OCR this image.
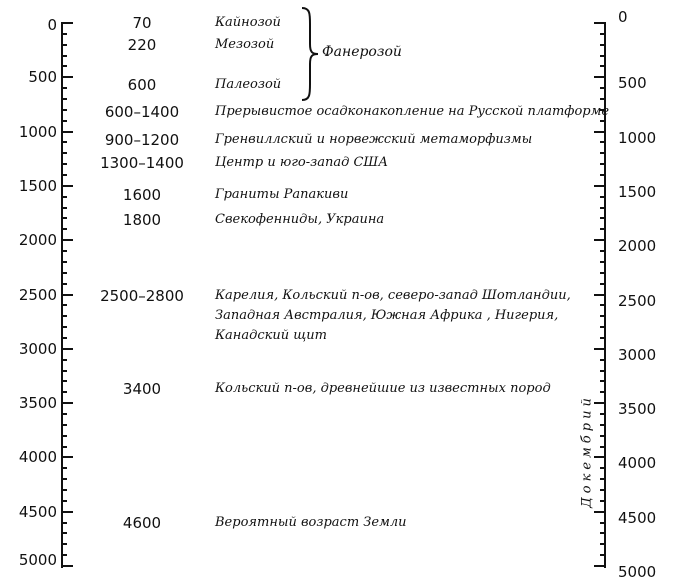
0
500
1000
1500
2000
2500
3000
3500
4000
4500
5000
0
500
1000
1500
2000
2500
3000
3500
4000
4500
5000
70	Кайнозой
220	Мезозой
600	Палеозой
600–1400	Прерывистое осадконакопление на Русской платформе
900–1200	Гренвиллский и норвежский метаморфизмы
1300–1400	Центр и юго-запад США
1600	Граниты Рапакиви
1800	Свекофенниды, Украина
2500–2800	Карелия, Кольский п-ов, северо-запад Шотландии,
Западная Австралия, Южная Африка , Нигерия,
Канадский щит
3400	Кольский п-ов, древнейшие из известных пород
4600	Вероятный возраст Земли
Фанерозой
Докембрий
